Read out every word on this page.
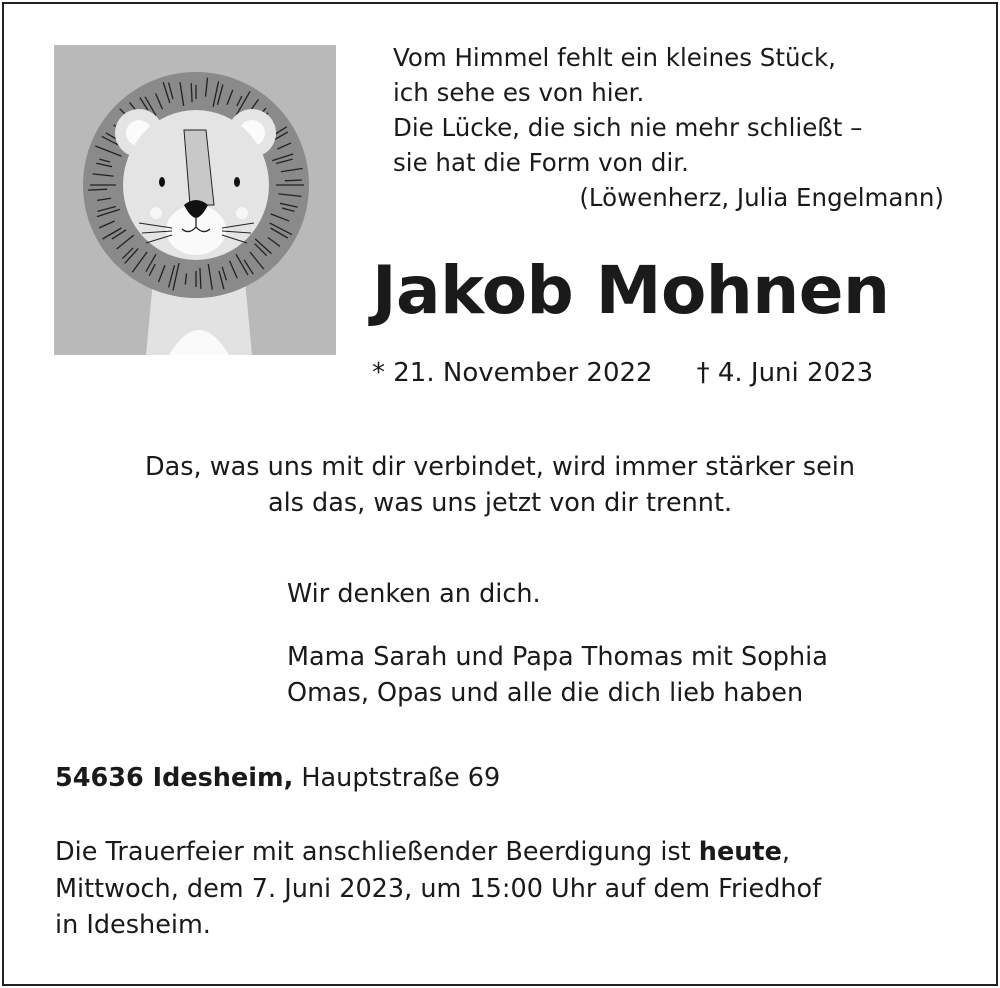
Vom Himmel fehlt ein kleines Stück,
ich sehe es von hier.
Die Lücke, die sich nie mehr schließt –
sie hat die Form von dir.
(Löwenherz, Julia Engelmann)
Jakob Mohnen
* 21. November 2022 † 4. Juni 2023
Das, was uns mit dir verbindet, wird immer stärker sein
als das, was uns jetzt von dir trennt.
Wir denken an dich.
Mama Sarah und Papa Thomas mit Sophia
Omas, Opas und alle die dich lieb haben
54636 Idesheim, Hauptstraße 69
Die Trauerfeier mit anschließender Beerdigung ist heute,
Mittwoch, dem 7. Juni 2023, um 15:00 Uhr auf dem Friedhof
in Idesheim.
